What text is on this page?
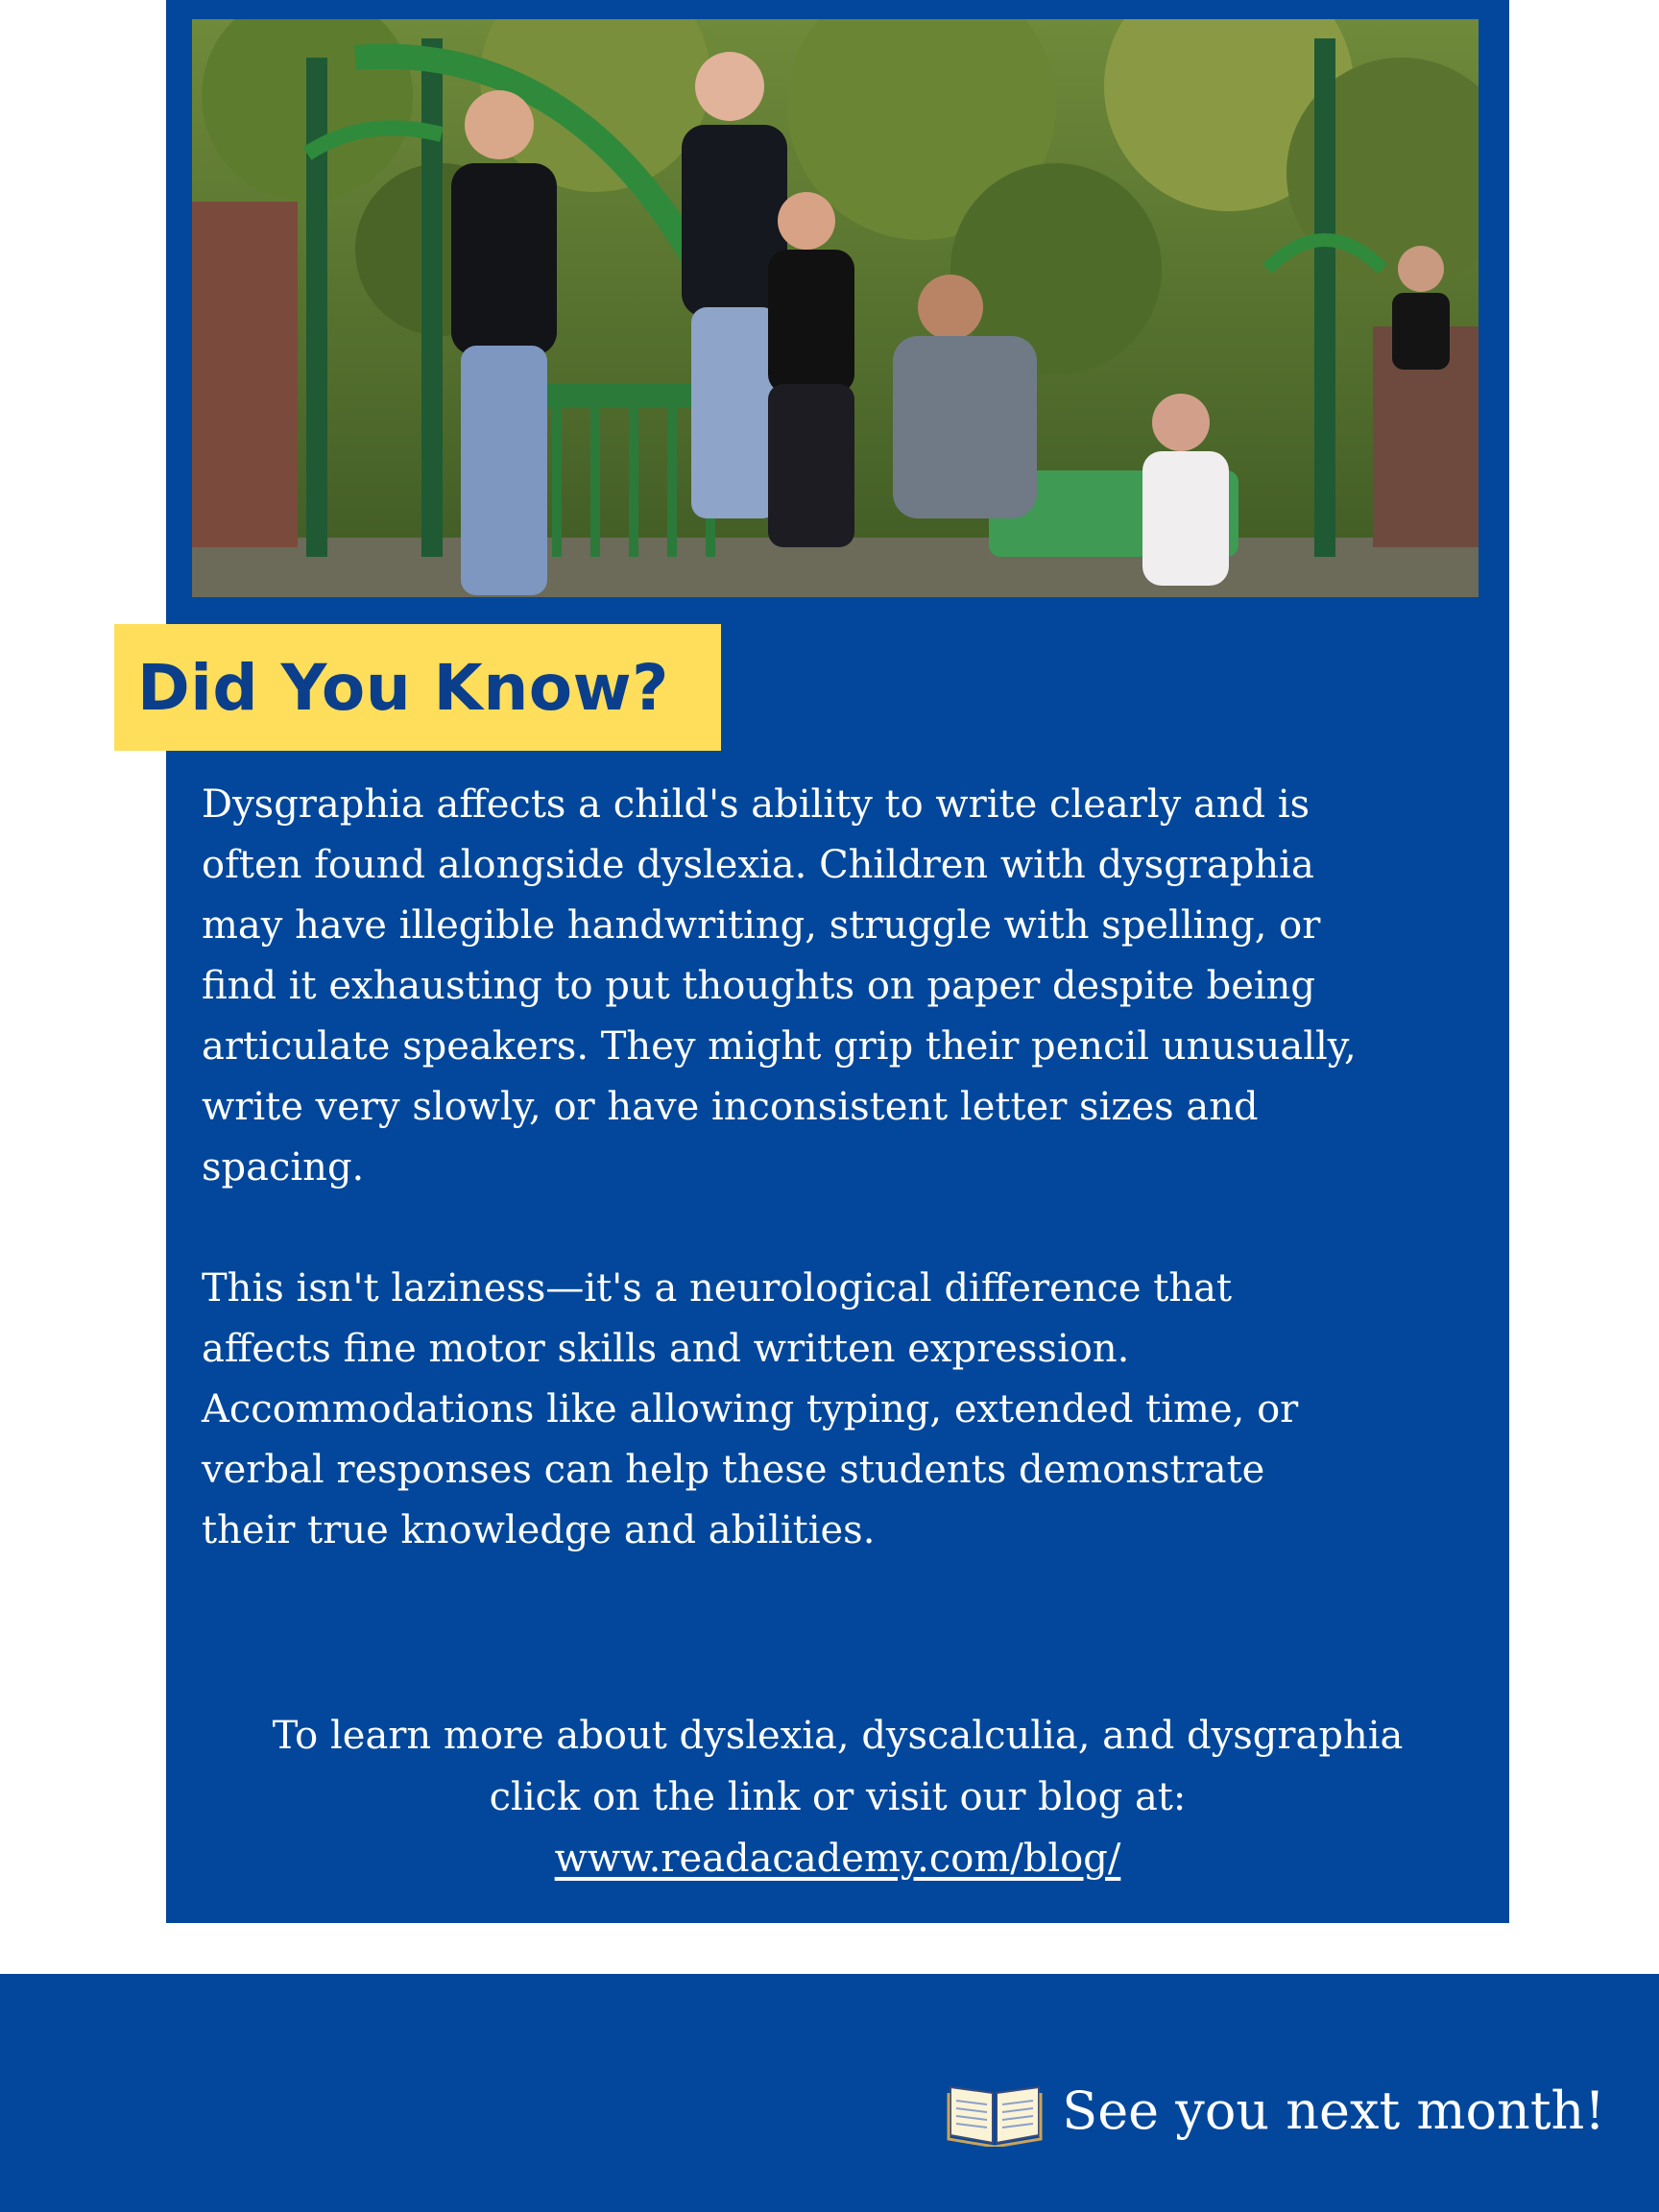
To learn more about dyslexia, dyscalculia, and dysgraphia
click on the link or visit our blog at:
www.readacademy.com/blog/
Did You Know?

Dysgraphia affects a child's ability to write clearly and is
often found alongside dyslexia. Children with dysgraphia
may have illegible handwriting, struggle with spelling, or
find it exhausting to put thoughts on paper despite being
articulate speakers. They might grip their pencil unusually,
write very slowly, or have inconsistent letter sizes and
spacing.

This isn't laziness—it's a neurological difference that
affects fine motor skills and written expression.
Accommodations like allowing typing, extended time, or
verbal responses can help these students demonstrate
their true knowledge and abilities.

See you next month!
